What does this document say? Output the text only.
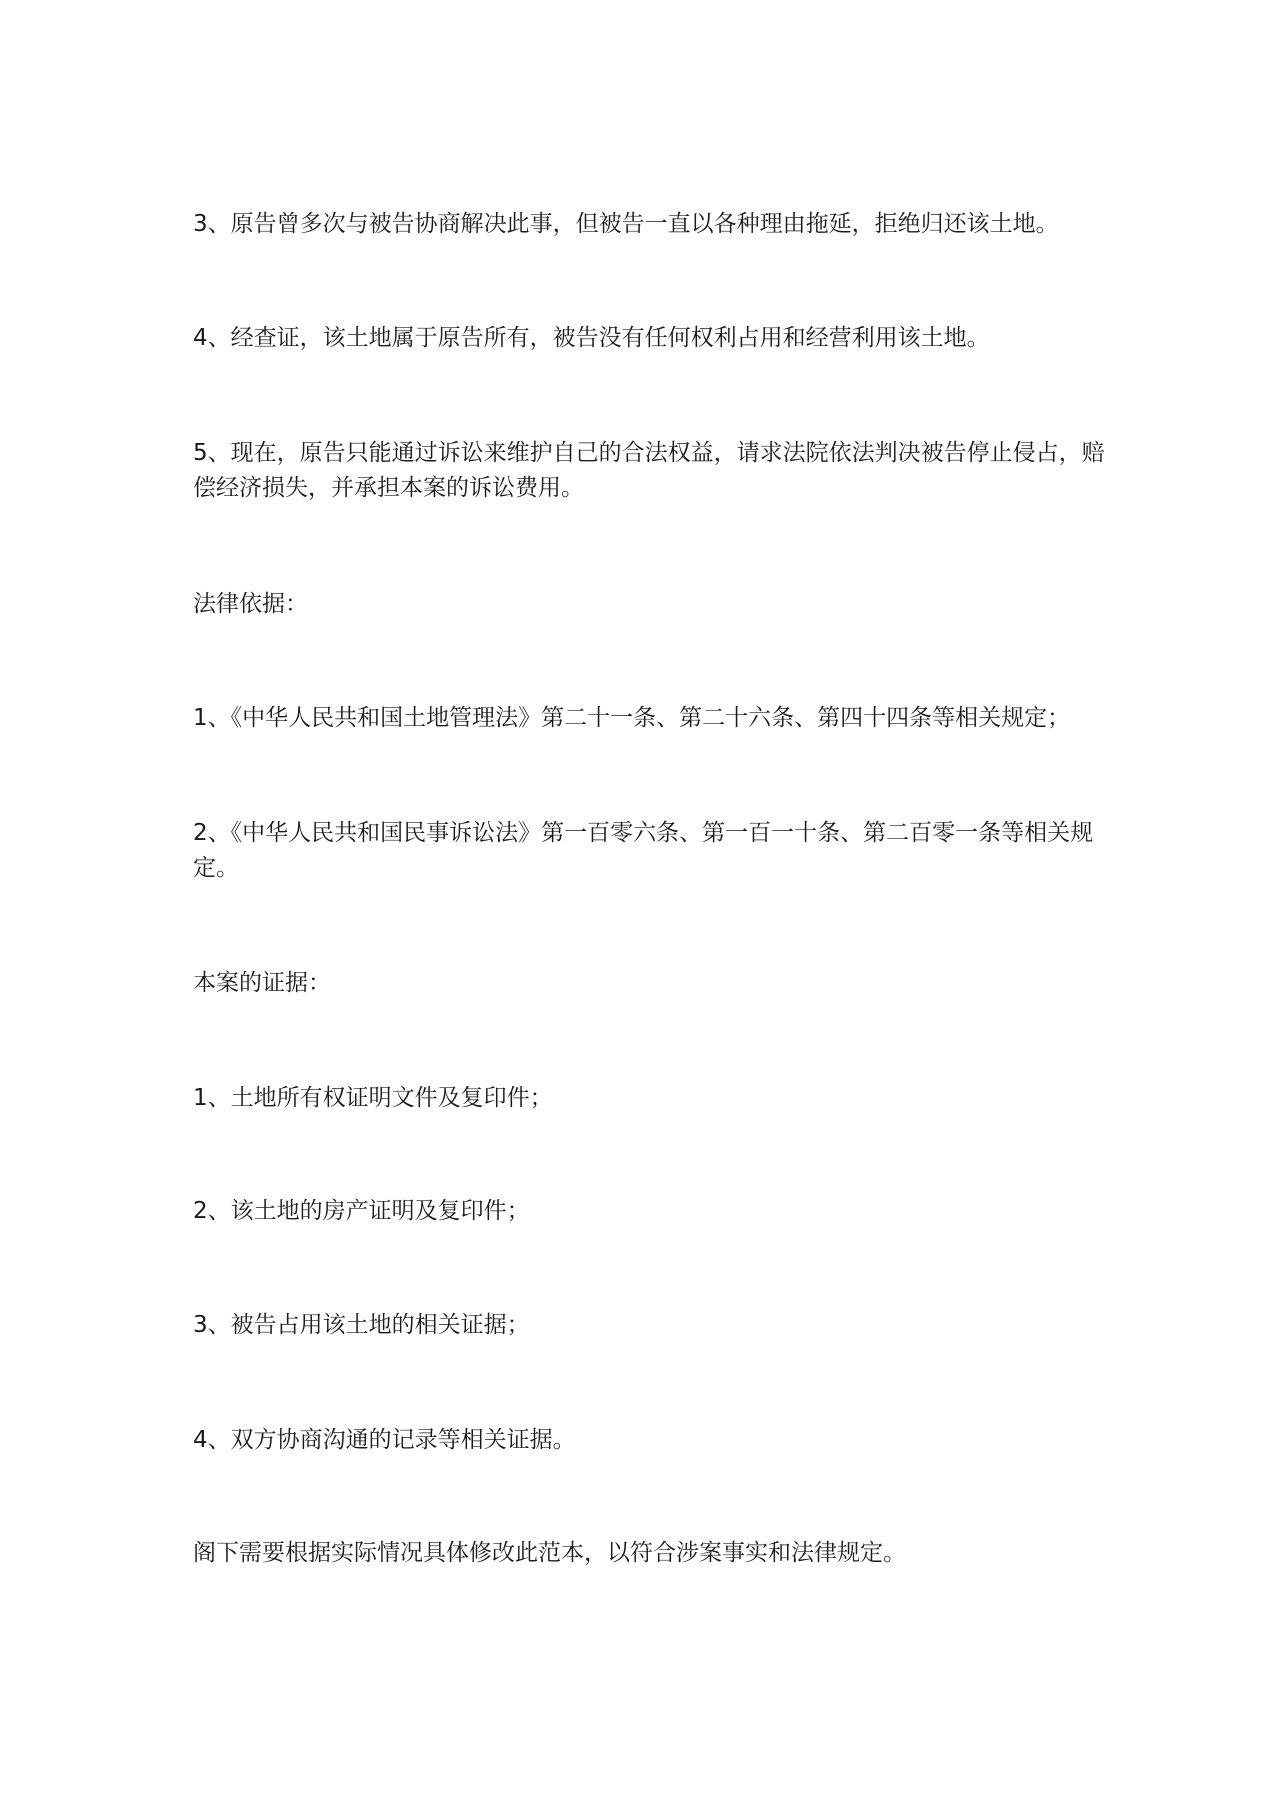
3、原告曾多次与被告协商解决此事，但被告一直以各种理由拖延，拒绝归还该土地。

4、经查证，该土地属于原告所有，被告没有任何权利占用和经营利用该土地。

5、现在，原告只能通过诉讼来维护自己的合法权益，请求法院依法判决被告停止侵占，赔偿经济损失，并承担本案的诉讼费用。

法律依据：

1、《中华人民共和国土地管理法》第二十一条、第二十六条、第四十四条等相关规定；

2、《中华人民共和国民事诉讼法》第一百零六条、第一百一十条、第二百零一条等相关规定。

本案的证据：

1、土地所有权证明文件及复印件；

2、该土地的房产证明及复印件；

3、被告占用该土地的相关证据；

4、双方协商沟通的记录等相关证据。

阁下需要根据实际情况具体修改此范本，以符合涉案事实和法律规定。
